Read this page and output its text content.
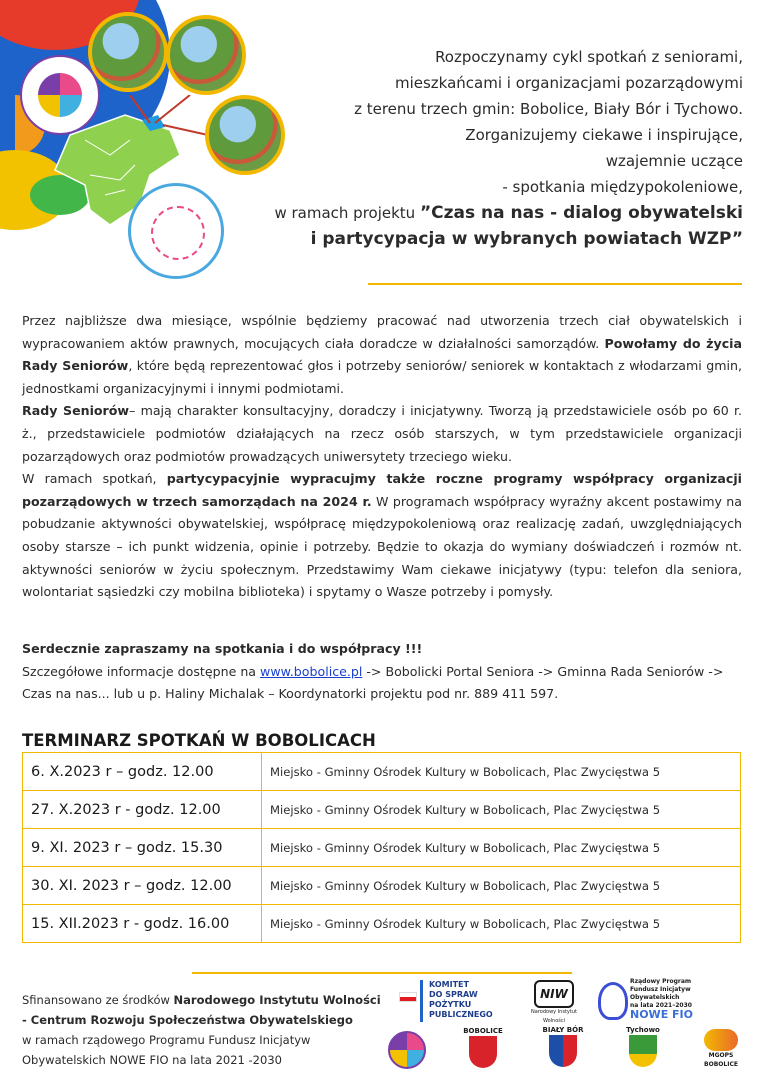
Rozpoczynamy cykl spotkań z seniorami,
mieszkańcami i organizacjami pozarządowymi
z terenu trzech gmin: Bobolice, Biały Bór i Tychowo.
Zorganizujemy ciekawe i inspirujące,
wzajemnie uczące
- spotkania międzypokoleniowe,
w ramach projektu ”Czas na nas - dialog obywatelski
i partycypacja w wybranych powiatach WZP”

Przez najbliższe dwa miesiące, wspólnie będziemy pracować nad utworzenia trzech ciał obywatelskich i wypracowaniem aktów prawnych, mocujących ciała doradcze w działalności samorządów. Powołamy do życia Rady Seniorów, które będą reprezentować głos i potrzeby seniorów/ seniorek w kontaktach z włodarzami gmin, jednostkami organizacyjnymi i innymi podmiotami.

Rady Seniorów– mają charakter konsultacyjny, doradczy i inicjatywny. Tworzą ją przedstawiciele osób po 60 r. ż., przedstawiciele podmiotów działających na rzecz osób starszych, w tym przedstawiciele organizacji pozarządowych oraz podmiotów prowadzących uniwersytety trzeciego wieku.

W ramach spotkań, partycypacyjnie wypracujmy także roczne programy współpracy organizacji pozarządowych w trzech samorządach na 2024 r. W programach współpracy wyraźny akcent postawimy na pobudzanie aktywności obywatelskiej, współpracę międzypokoleniową oraz realizację zadań, uwzględniających osoby starsze – ich punkt widzenia, opinie i potrzeby. Będzie to okazja do wymiany doświadczeń i rozmów nt. aktywności seniorów w życiu społecznym. Przedstawimy Wam ciekawe inicjatywy (typu: telefon dla seniora, wolontariat sąsiedzki czy mobilna biblioteka) i spytamy o Wasze potrzeby i pomysły.

Serdecznie zapraszamy na spotkania i do współpracy !!!
Szczegółowe informacje dostępne na www.bobolice.pl -> Bobolicki Portal Seniora -> Gminna Rada Seniorów -> Czas na nas... lub u p. Haliny Michalak – Koordynatorki projektu pod nr. 889 411 597.
TERMINARZ SPOTKAŃ W BOBOLICACH
6. X.2023 r – godz. 12.00	Miejsko - Gminny Ośrodek Kultury w Bobolicach, Plac Zwycięstwa 5
27. X.2023 r - godz. 12.00	Miejsko - Gminny Ośrodek Kultury w Bobolicach, Plac Zwycięstwa 5
9. XI. 2023 r – godz. 15.30	Miejsko - Gminny Ośrodek Kultury w Bobolicach, Plac Zwycięstwa 5
30. XI. 2023 r – godz. 12.00	Miejsko - Gminny Ośrodek Kultury w Bobolicach, Plac Zwycięstwa 5
15. XII.2023 r - godz. 16.00	Miejsko - Gminny Ośrodek Kultury w Bobolicach, Plac Zwycięstwa 5
Sfinansowano ze środków Narodowego Instytutu Wolności
- Centrum Rozwoju Społeczeństwa Obywatelskiego
w ramach rządowego Programu Fundusz Inicjatyw
Obywatelskich NOWE FIO na lata 2021 -2030
KOMITET
DO SPRAW
POŻYTKU
PUBLICZNEGO
NIW
Narodowy Instytut Wolności
Rządowy Program
Fundusz Inicjatyw
Obywatelskich
na lata 2021–2030
NOWE FIO
BOBOLICE	BIAŁY BÓR	Tychowo
MGOPS BOBOLICE
